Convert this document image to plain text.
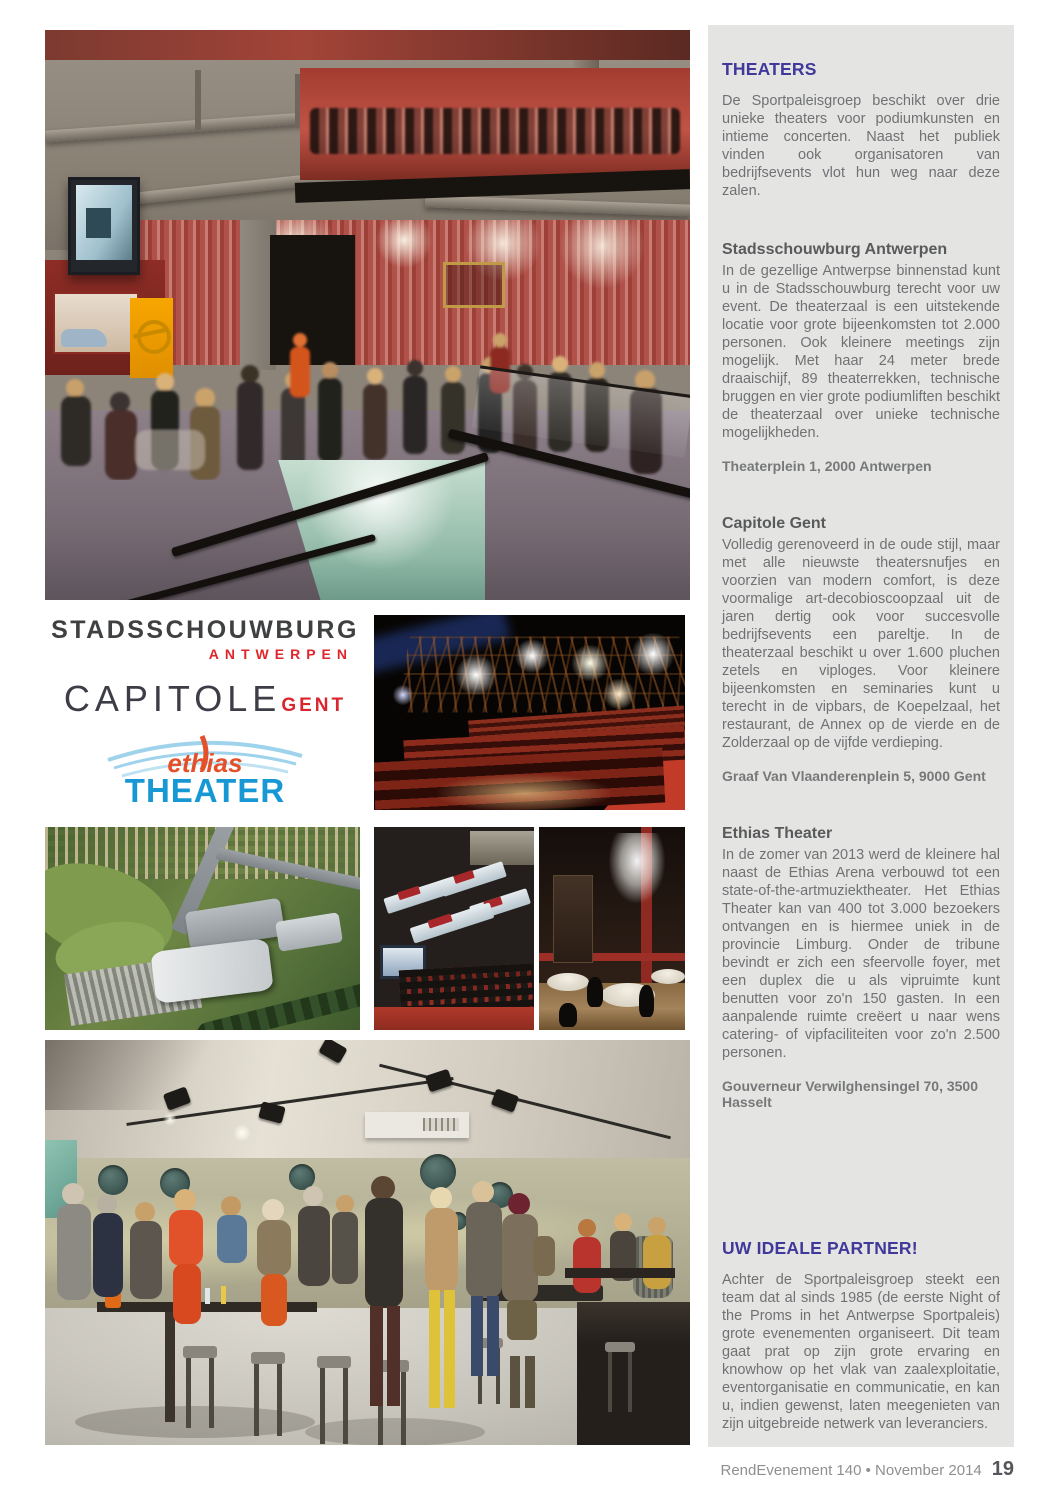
STADSSCHOUWBURG
ANTWERPEN
CAPITOLEGENT
ethias
THEATER
THEATERS

De Sportpaleisgroep beschikt over drie unieke theaters voor podiumkunsten en intieme concerten. Naast het publiek vinden ook organisatoren van bedrijfsevents vlot hun weg naar deze zalen.

Stadsschouwburg Antwerpen

In de gezellige Antwerpse binnenstad kunt u in de Stadsschouwburg terecht voor uw event. De theaterzaal is een uitstekende locatie voor grote bijeenkomsten tot 2.000 personen. Ook kleinere meetings zijn mogelijk. Met haar 24 meter brede draaischijf, 89 theaterrekken, technische bruggen en vier grote podiumliften beschikt de theaterzaal over unieke technische mogelijkheden.

Theaterplein 1, 2000 Antwerpen

Capitole Gent

Volledig gerenoveerd in de oude stijl, maar met alle nieuwste theatersnufjes en voorzien van modern comfort, is deze voormalige art-decobioscoopzaal uit de jaren dertig ook voor succesvolle bedrijfsevents een pareltje. In de theaterzaal beschikt u over 1.600 pluchen zetels en viploges. Voor kleinere bijeenkomsten en seminaries kunt u terecht in de vipbars, de Koepelzaal, het restaurant, de Annex op de vierde en de Zolderzaal op de vijfde verdieping.

Graaf Van Vlaanderenplein 5, 9000 Gent

Ethias Theater

In de zomer van 2013 werd de kleinere hal naast de Ethias Arena verbouwd tot een state-of-the-artmuziektheater. Het Ethias Theater kan van 400 tot 3.000 bezoekers ontvangen en is hiermee uniek in de provincie Limburg. Onder de tribune bevindt er zich een sfeervolle foyer, met een duplex die u als vipruimte kunt benutten voor zo'n 150 gasten. In een aanpalende ruimte creëert u naar wens catering- of vipfaciliteiten voor zo'n 2.500 personen.

Gouverneur Verwilghensingel 70, 3500 Hasselt

UW IDEALE PARTNER!

Achter de Sportpaleisgroep steekt een team dat al sinds 1985 (de eerste Night of the Proms in het Antwerpse Sportpaleis) grote evenementen organiseert. Dit team gaat prat op zijn grote ervaring en knowhow op het vlak van zaalexploitatie, eventorganisatie en communicatie, en kan u, indien gewenst, laten meegenieten van zijn uitgebreide netwerk van leveranciers.

RendEvenement 140 • November 2014 19
